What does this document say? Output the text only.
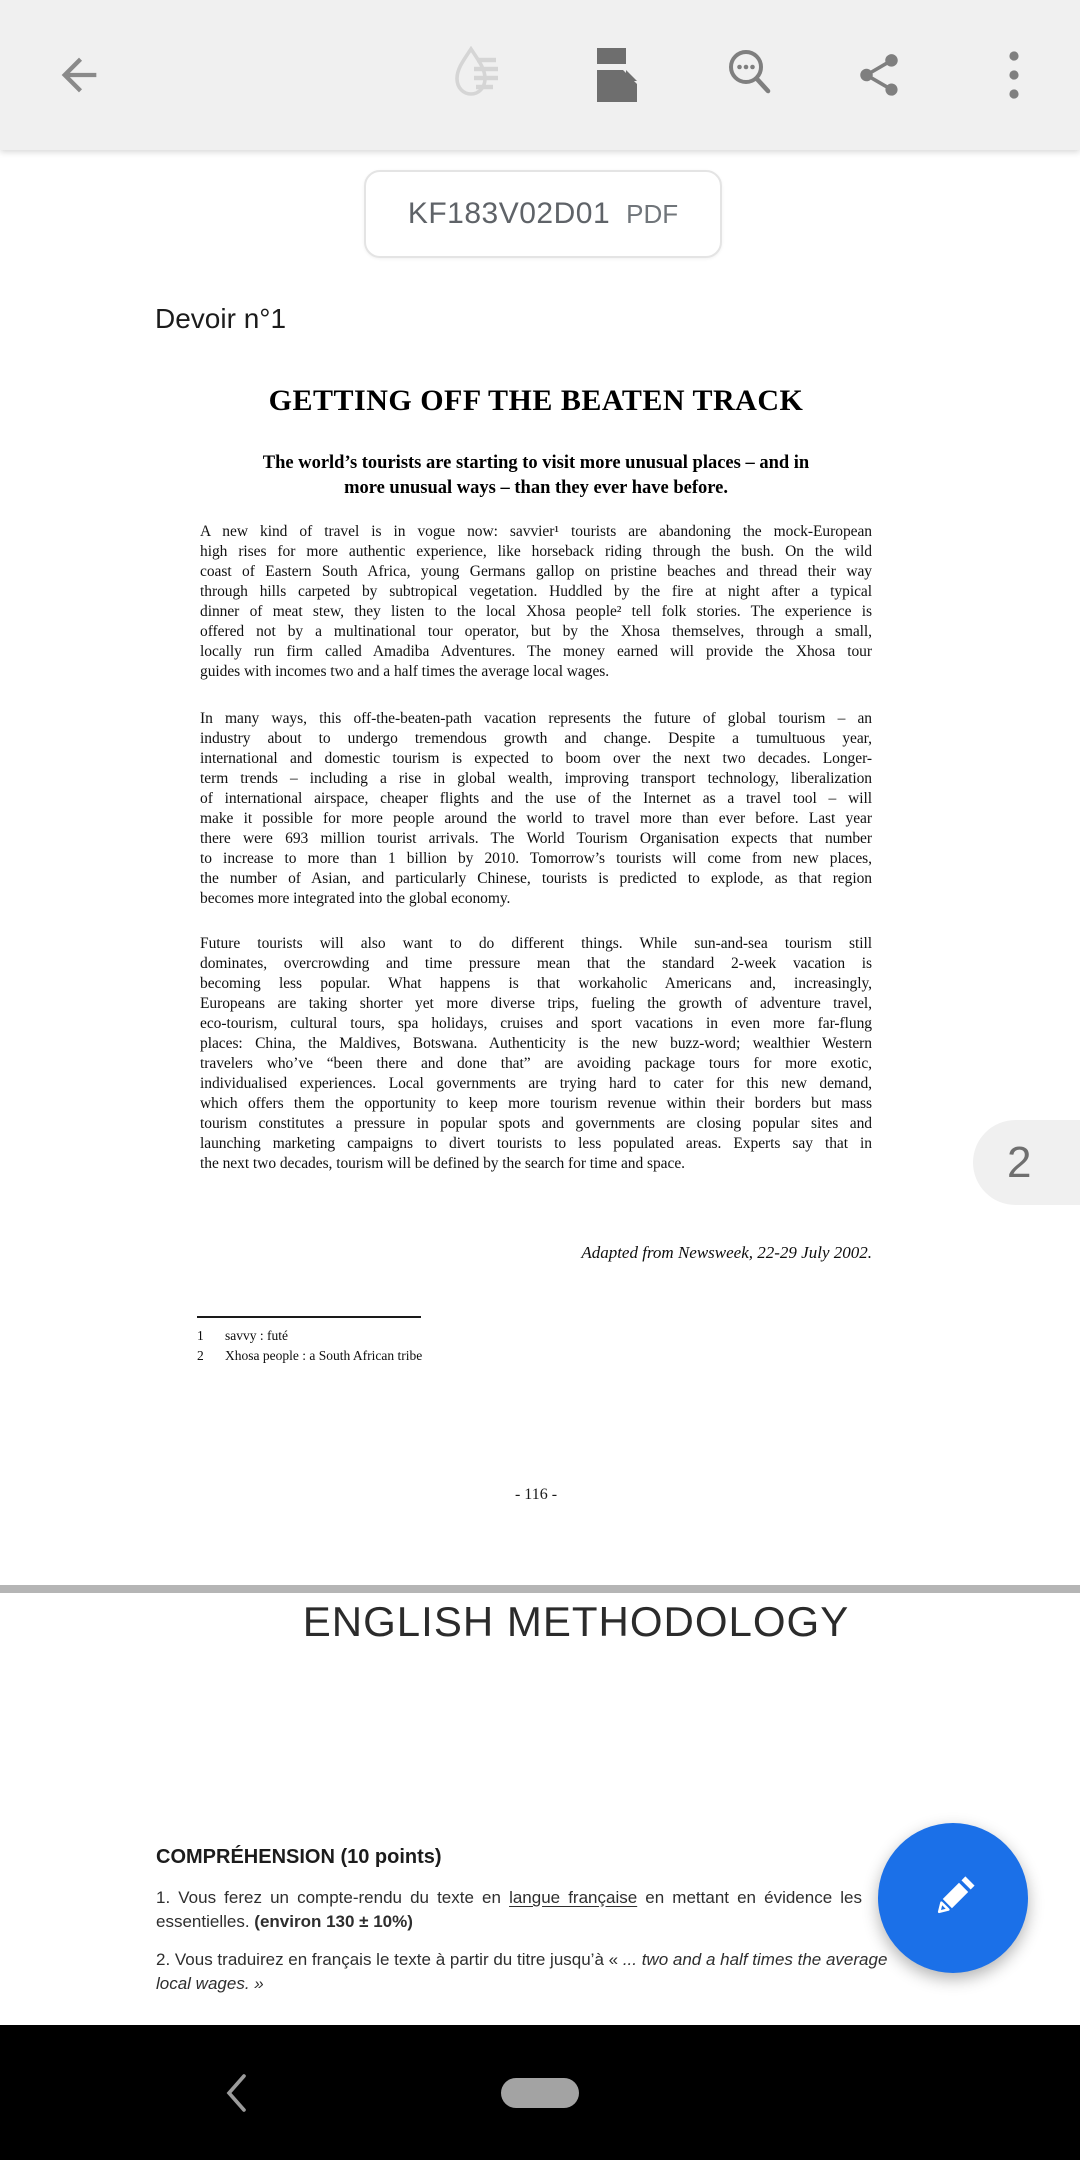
KF183V02D01 PDF
Devoir n°1
GETTING OFF THE BEATEN TRACK
The world’s tourists are starting to visit more unusual places – and in
more unusual ways – than they ever have before.
A new kind of travel is in vogue now: savvier¹ tourists are abandoning the mock-European
high rises for more authentic experience, like horseback riding through the bush. On the wild
coast of Eastern South Africa, young Germans gallop on pristine beaches and thread their way
through hills carpeted by subtropical vegetation. Huddled by the fire at night after a typical
dinner of meat stew, they listen to the local Xhosa people² tell folk stories. The experience is
offered not by a multinational tour operator, but by the Xhosa themselves, through a small,
locally run firm called Amadiba Adventures. The money earned will provide the Xhosa tour
guides with incomes two and a half times the average local wages.
In many ways, this off-the-beaten-path vacation represents the future of global tourism – an
industry about to undergo tremendous growth and change. Despite a tumultuous year,
international and domestic tourism is expected to boom over the next two decades. Longer-
term trends – including a rise in global wealth, improving transport technology, liberalization
of international airspace, cheaper flights and the use of the Internet as a travel tool – will
make it possible for more people around the world to travel more than ever before. Last year
there were 693 million tourist arrivals. The World Tourism Organisation expects that number
to increase to more than 1 billion by 2010. Tomorrow’s tourists will come from new places,
the number of Asian, and particularly Chinese, tourists is predicted to explode, as that region
becomes more integrated into the global economy.
Future tourists will also want to do different things. While sun-and-sea tourism still
dominates, overcrowding and time pressure mean that the standard 2-week vacation is
becoming less popular. What happens is that workaholic Americans and, increasingly,
Europeans are taking shorter yet more diverse trips, fueling the growth of adventure travel,
eco-tourism, cultural tours, spa holidays, cruises and sport vacations in even more far-flung
places: China, the Maldives, Botswana. Authenticity is the new buzz-word; wealthier Western
travelers who’ve “been there and done that” are avoiding package tours for more exotic,
individualised experiences. Local governments are trying hard to cater for this new demand,
which offers them the opportunity to keep more tourism revenue within their borders but mass
tourism constitutes a pressure in popular spots and governments are closing popular sites and
launching marketing campaigns to divert tourists to less populated areas. Experts say that in
the next two decades, tourism will be defined by the search for time and space.
Adapted from Newsweek, 22-29 July 2002.
1	savvy : futé
2	Xhosa people : a South African tribe
- 116 -
2
ENGLISH METHODOLOGY
COMPRÉHENSION (10 points)
1. Vous ferez un compte-rendu du texte en langue française en mettant en évidence les
essentielles. (environ 130 ± 10%)
2. Vous traduirez en français le texte à partir du titre jusqu’à « ... two and a half times the average
local wages. »
